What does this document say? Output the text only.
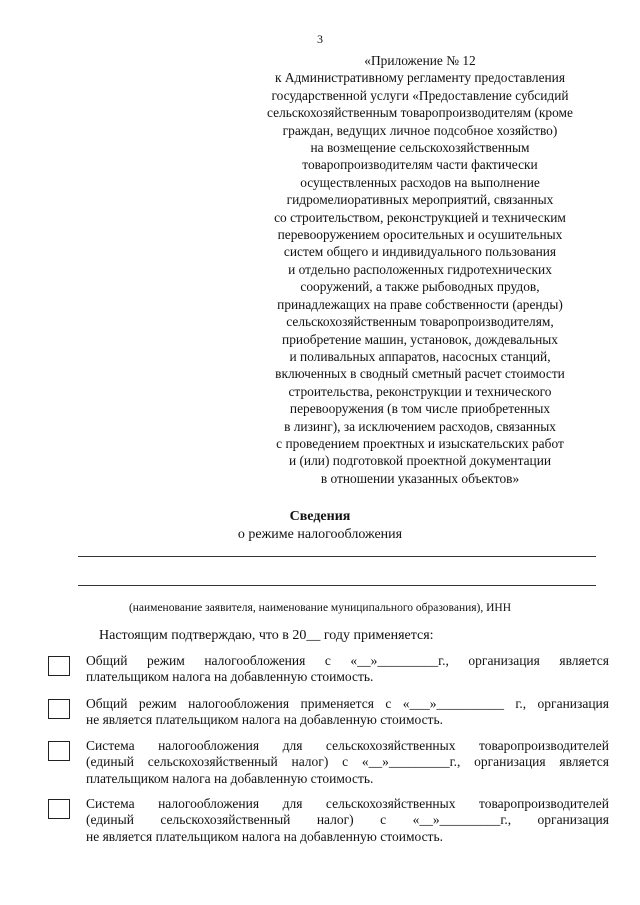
3
«Приложение № 12
к Административному регламенту предоставления
государственной услуги «Предоставление субсидий
сельскохозяйственным товаропроизводителям (кроме
граждан, ведущих личное подсобное хозяйство)
на возмещение сельскохозяйственным
товаропроизводителям части фактически
осуществленных расходов на выполнение
гидромелиоративных мероприятий, связанных
со строительством, реконструкцией и техническим
перевооружением оросительных и осушительных
систем общего и индивидуального пользования
и отдельно расположенных гидротехнических
сооружений, а также рыбоводных прудов,
принадлежащих на праве собственности (аренды)
сельскохозяйственным товаропроизводителям,
приобретение машин, установок, дождевальных
и поливальных аппаратов, насосных станций,
включенных в сводный сметный расчет стоимости
строительства, реконструкции и технического
перевооружения (в том числе приобретенных
в лизинг), за исключением расходов, связанных
с проведением проектных и изыскательских работ
и (или) подготовкой проектной документации
в отношении указанных объектов»
Сведения
о режиме налогообложения
(наименование заявителя, наименование муниципального образования), ИНН
Настоящим подтверждаю, что в 20__ году применяется:
Общий режим налогообложения с «__»_________г., организация является
плательщиком налога на добавленную стоимость.
Общий режим налогообложения применяется с «___»__________ г., организация
не является плательщиком налога на добавленную стоимость.
Система налогообложения для сельскохозяйственных товаропроизводителей
(единый сельскохозяйственный налог) с «__»_________г., организация является
плательщиком налога на добавленную стоимость.
Система налогообложения для сельскохозяйственных товаропроизводителей
(единый сельскохозяйственный налог) с «__»_________г., организация
не является плательщиком налога на добавленную стоимость.
